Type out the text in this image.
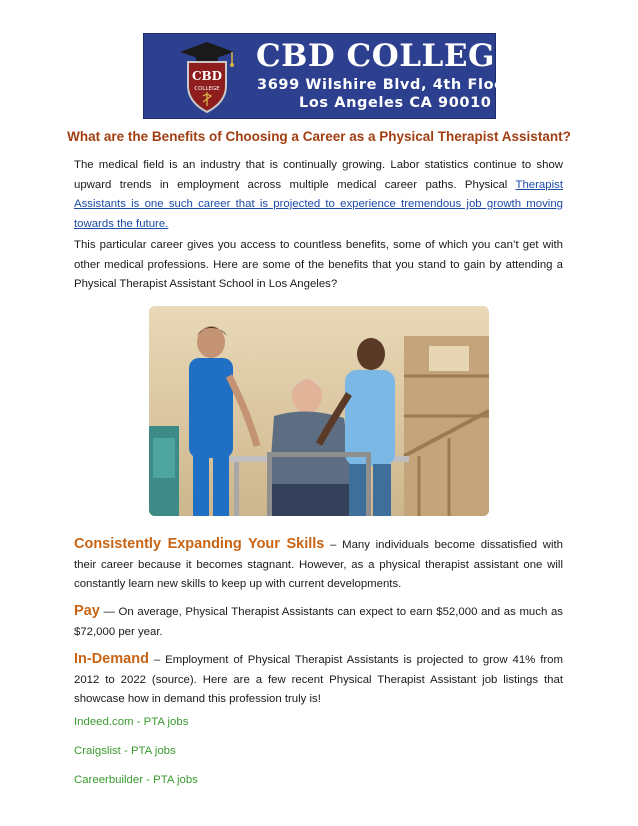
CBD
COLLEGE
CBD COLLEGE
3699 Wilshire Blvd, 4th Floor
Los Angeles CA 90010
What are the Benefits of Choosing a Career as a Physical Therapist Assistant?

The medical field is an industry that is continually growing. Labor statistics continue to show upward trends in employment across multiple medical career paths. Physical Therapist Assistants is one such career that is projected to experience tremendous job growth moving towards the future.

This particular career gives you access to countless benefits, some of which you can’t get with other medical professions. Here are some of the benefits that you stand to gain by attending a Physical Therapist Assistant School in Los Angeles?

Consistently Expanding Your Skills – Many individuals become dissatisfied with their career because it becomes stagnant. However, as a physical therapist assistant one will constantly learn new skills to keep up with current developments.

Pay — On average, Physical Therapist Assistants can expect to earn $52,000 and as much as $72,000 per year.

In-Demand – Employment of Physical Therapist Assistants is projected to grow 41% from 2012 to 2022 (source). Here are a few recent Physical Therapist Assistant job listings that showcase how in demand this profession truly is!

Indeed.com - PTA jobs
Craigslist - PTA jobs
Careerbuilder - PTA jobs
